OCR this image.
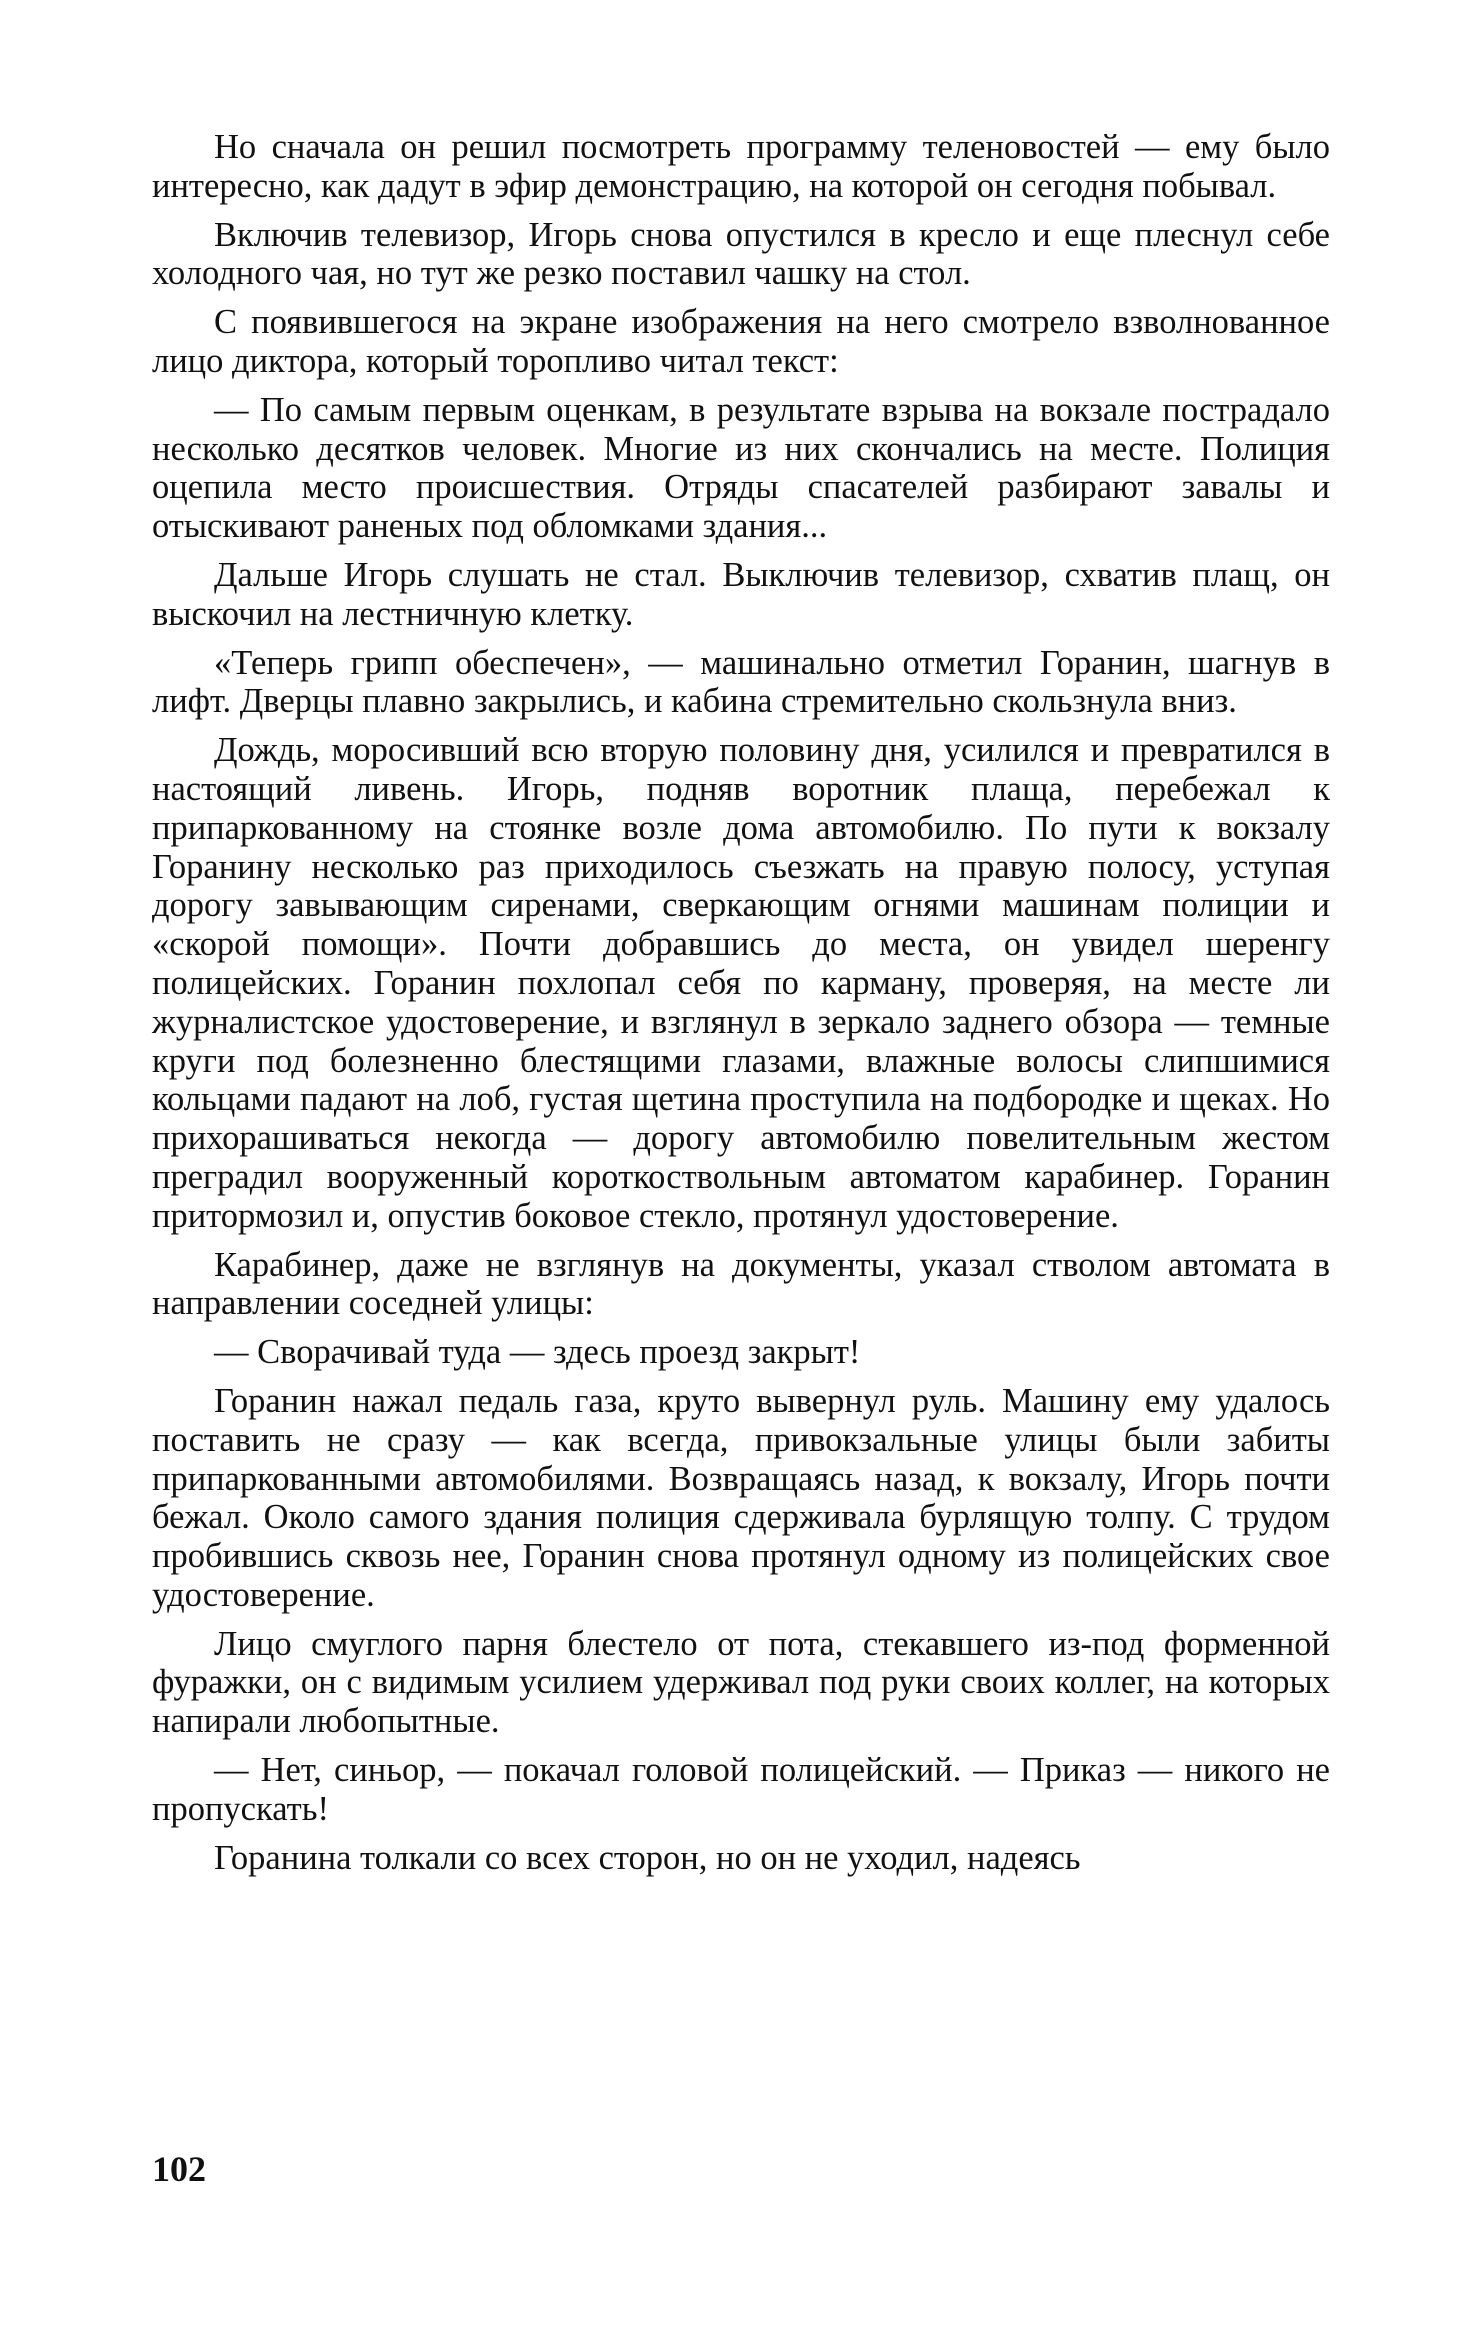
Но сначала он решил посмотреть программу теленовостей — ему было интересно, как дадут в эфир демонстрацию, на которой он сегодня побывал.

Включив телевизор, Игорь снова опустился в кресло и еще плеснул себе холодного чая, но тут же резко поставил чашку на стол.

С появившегося на экране изображения на него смотрело взволнованное лицо диктора, который торопливо читал текст:

— По самым первым оценкам, в результате взрыва на вокзале пострадало несколько десятков человек. Многие из них скончались на месте. Полиция оцепила место происшествия. Отряды спасателей разбирают завалы и отыскивают раненых под обломками здания...

Дальше Игорь слушать не стал. Выключив телевизор, схватив плащ, он выскочил на лестничную клетку.

«Теперь грипп обеспечен», — машинально отметил Горанин, шагнув в лифт. Дверцы плавно закрылись, и кабина стремительно скользнула вниз.

Дождь, моросивший всю вторую половину дня, усилился и превратился в настоящий ливень. Игорь, подняв воротник плаща, перебежал к припаркованному на стоянке возле дома автомобилю. По пути к вокзалу Горанину несколько раз приходилось съезжать на правую полосу, уступая дорогу завывающим сиренами, сверкающим огнями машинам полиции и «скорой помощи». Почти добравшись до места, он увидел шеренгу полицейских. Горанин похлопал себя по карману, проверяя, на месте ли журналистское удостоверение, и взглянул в зеркало заднего обзора — темные круги под болезненно блестящими глазами, влажные волосы слипшимися кольцами падают на лоб, густая щетина проступила на подбородке и щеках. Но прихорашиваться некогда — дорогу автомобилю повелительным жестом преградил вооруженный короткоствольным автоматом карабинер. Горанин притормозил и, опустив боковое стекло, протянул удостоверение.

Карабинер, даже не взглянув на документы, указал стволом автомата в направлении соседней улицы:

— Сворачивай туда — здесь проезд закрыт!

Горанин нажал педаль газа, круто вывернул руль. Машину ему удалось поставить не сразу — как всегда, привокзальные улицы были забиты припаркованными автомобилями. Возвращаясь назад, к вокзалу, Игорь почти бежал. Около самого здания полиция сдерживала бурлящую толпу. С трудом пробившись сквозь нее, Горанин снова протянул одному из полицейских свое удостоверение.

Лицо смуглого парня блестело от пота, стекавшего из-под форменной фуражки, он с видимым усилием удерживал под руки своих коллег, на которых напирали любопытные.

— Нет, синьор, — покачал головой полицейский. — Приказ — никого не пропускать!

Горанина толкали со всех сторон, но он не уходил, надеясь

102
